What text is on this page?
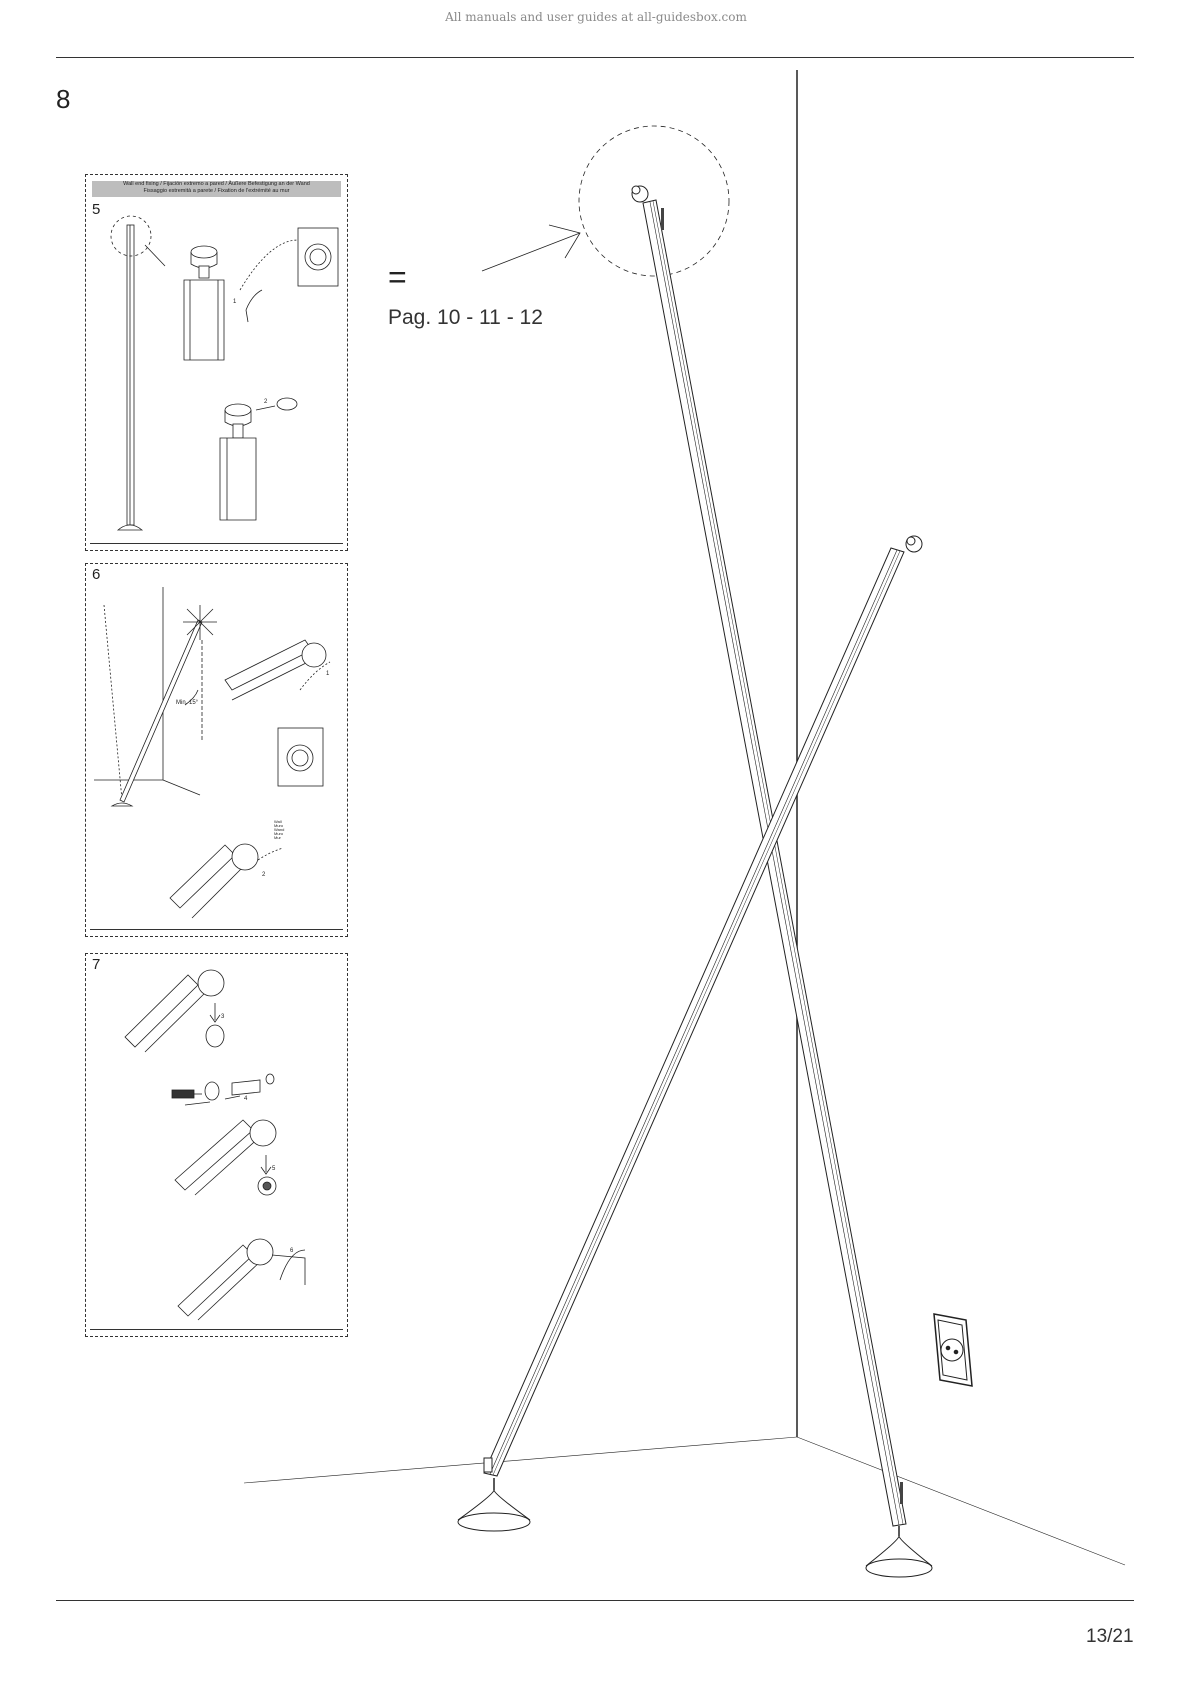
All manuals and user guides at all-guidesbox.com
8
Wall end fixing / Fijación extremo a pared / Äußere Befestigung an der Wand
Fissaggio estremità a parete / Fixation de l'extrémité au mur
5
6
7
=
Pag. 10 - 11 - 12
13/21
1
2
Min. 15°
1
2
Wall
Muro
Wand
Muro
Mur
3
4
5
6
